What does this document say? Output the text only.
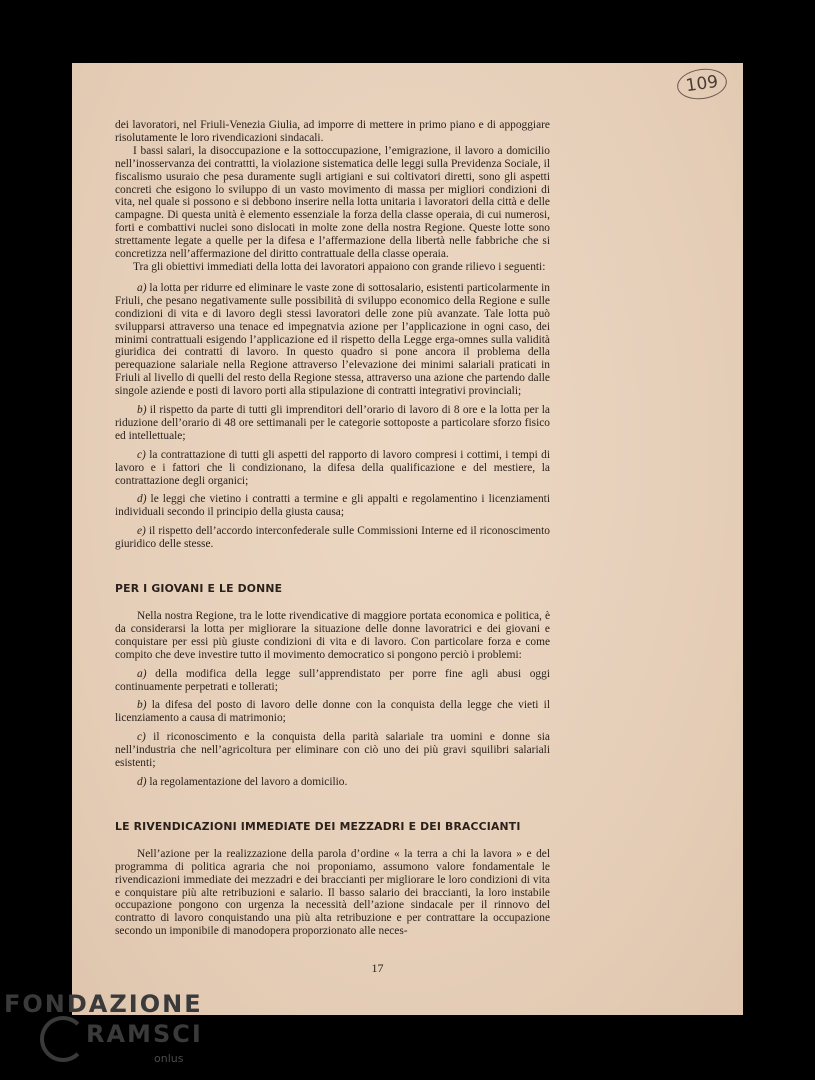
109

dei lavoratori, nel Friuli-Venezia Giulia, ad imporre di mettere in primo piano e di appoggiare risolutamente le loro rivendicazioni sindacali.

I bassi salari, la disoccupazione e la sottoccupazione, l’emigrazione, il lavoro a domicilio nell’inosservanza dei contrattti, la violazione sistematica delle leggi sulla Previdenza Sociale, il fiscalismo usuraio che pesa duramente sugli artigiani e sui coltivatori diretti, sono gli aspetti concreti che esigono lo sviluppo di un vasto movimento di massa per migliori condizioni di vita, nel quale si possono e si debbono inserire nella lotta unitaria i lavoratori della città e delle campagne. Di questa unità è elemento essenziale la forza della classe operaia, di cui numerosi, forti e combattivi nuclei sono dislocati in molte zone della nostra Regione. Queste lotte sono strettamente legate a quelle per la difesa e l’affermazione della libertà nelle fabbriche che si concretizza nell’affermazione del diritto contrattuale della classe operaia.

Tra gli obiettivi immediati della lotta dei lavoratori appaiono con grande rilievo i seguenti:

a) la lotta per ridurre ed eliminare le vaste zone di sottosalario, esistenti particolarmente in Friuli, che pesano negativamente sulle possibilità di sviluppo economico della Regione e sulle condizioni di vita e di lavoro degli stessi lavoratori delle zone più avanzate. Tale lotta può svilupparsi attraverso una tenace ed impegnatvia azione per l’applicazione in ogni caso, dei minimi contrattuali esigendo l’applicazione ed il rispetto della Legge erga-omnes sulla validità giuridica dei contratti di lavoro. In questo quadro si pone ancora il problema della perequazione salariale nella Regione attraverso l’elevazione dei minimi salariali praticati in Friuli al livello di quelli del resto della Regione stessa, attraverso una azione che partendo dalle singole aziende e posti di lavoro porti alla stipulazione di contratti integrativi provinciali;

b) il rispetto da parte di tutti gli imprenditori dell’orario di lavoro di 8 ore e la lotta per la riduzione dell’orario di 48 ore settimanali per le categorie sottoposte a particolare sforzo fisico ed intellettuale;

c) la contrattazione di tutti gli aspetti del rapporto di lavoro compresi i cottimi, i tempi di lavoro e i fattori che li condizionano, la difesa della qualificazione e del mestiere, la contrattazione degli organici;

d) le leggi che vietino i contratti a termine e gli appalti e regolamentino i licenziamenti individuali secondo il principio della giusta causa;

e) il rispetto dell’accordo interconfederale sulle Commissioni Interne ed il riconoscimento giuridico delle stesse.

PER I GIOVANI E LE DONNE

Nella nostra Regione, tra le lotte rivendicative di maggiore portata economica e politica, è da considerarsi la lotta per migliorare la situazione delle donne lavoratrici e dei giovani e conquistare per essi più giuste condizioni di vita e di lavoro. Con particolare forza e come compito che deve investire tutto il movimento democratico si pongono perciò i problemi:

a) della modifica della legge sull’apprendistato per porre fine agli abusi oggi continuamente perpetrati e tollerati;

b) la difesa del posto di lavoro delle donne con la conquista della legge che vieti il licenziamento a causa di matrimonio;

c) il riconoscimento e la conquista della parità salariale tra uomini e donne sia nell’industria che nell’agricoltura per eliminare con ciò uno dei più gravi squilibri salariali esistenti;

d) la regolamentazione del lavoro a domicilio.

LE RIVENDICAZIONI IMMEDIATE DEI MEZZADRI E DEI BRACCIANTI

Nell’azione per la realizzazione della parola d’ordine « la terra a chi la lavora » e del programma di politica agraria che noi proponiamo, assumono valore fondamentale le rivendicazioni immediate dei mezzadri e dei braccianti per migliorare le loro condizioni di vita e conquistare più alte retribuzioni e salario. Il basso salario dei braccianti, la loro instabile occupazione pongono con urgenza la necessità dell’azione sindacale per il rinnovo del contratto di lavoro conquistando una più alta retribuzione e per contrattare la occupazione secondo un imponibile di manodopera proporzionato alle neces-

17
FONDAZIONE
RAMSCI
onlus
